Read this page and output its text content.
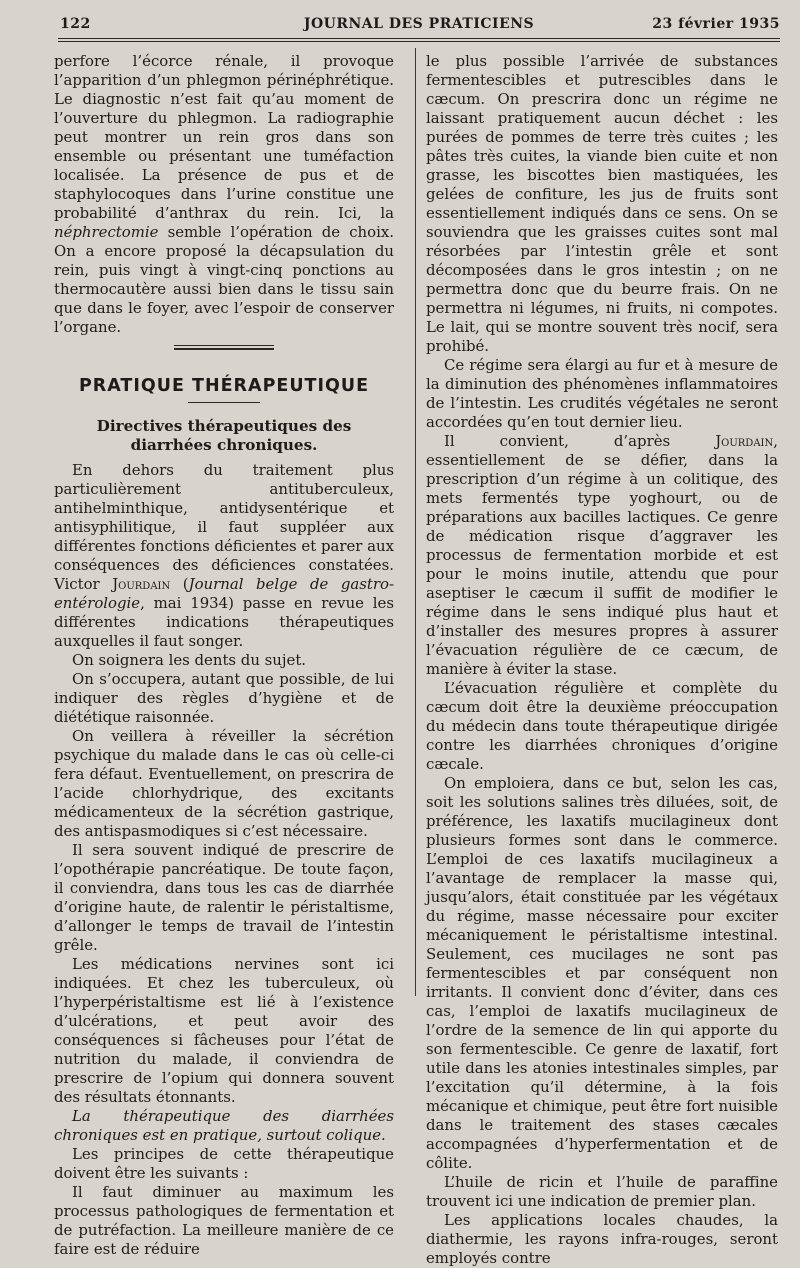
122	JOURNAL DES PRATICIENS	23 février 1935

perfore l’écorce rénale, il provoque l’apparition d’un phlegmon périnéphrétique. Le diagnostic n’est fait qu’au moment de l’ouverture du phlegmon. La radiographie peut montrer un rein gros dans son ensemble ou présentant une tuméfaction localisée. La présence de pus et de staphylocoques dans l’urine constitue une probabilité d’anthrax du rein. Ici, la néphrectomie semble l’opération de choix. On a encore proposé la décapsulation du rein, puis vingt à vingt-cinq ponctions au thermocautère aussi bien dans le tissu sain que dans le foyer, avec l’espoir de conserver l’organe.

PRATIQUE THÉRAPEUTIQUE
Directives thérapeutiques des diarrhées chroniques.

En dehors du traitement plus particulièrement antituberculeux, antihelminthique, antidysentérique et antisyphilitique, il faut suppléer aux différentes fonctions déficientes et parer aux conséquences des déficiences constatées. Victor Jourdain (Journal belge de gastro-entérologie, mai 1934) passe en revue les différentes indications thérapeutiques auxquelles il faut songer.

On soignera les dents du sujet.

On s’occupera, autant que possible, de lui indiquer des règles d’hygiène et de diététique raisonnée.

On veillera à réveiller la sécrétion psychique du malade dans le cas où celle-ci fera défaut. Eventuellement, on prescrira de l’acide chlorhydrique, des excitants médicamenteux de la sécrétion gastrique, des antispasmodiques si c’est nécessaire.

Il sera souvent indiqué de prescrire de l’opothérapie pancréatique. De toute façon, il conviendra, dans tous les cas de diarrhée d’origine haute, de ralentir le péristaltisme, d’allonger le temps de travail de l’intestin grêle.

Les médications nervines sont ici indiquées. Et chez les tuberculeux, où l’hyperpéristaltisme est lié à l’existence d’ulcérations, et peut avoir des conséquences si fâcheuses pour l’état de nutrition du malade, il conviendra de prescrire de l’opium qui donnera souvent des résultats étonnants.

La thérapeutique des diarrhées chroniques est en pratique, surtout colique.

Les principes de cette thérapeutique doivent être les suivants :

Il faut diminuer au maximum les processus pathologiques de fermentation et de putréfaction. La meilleure manière de ce faire est de réduire

le plus possible l’arrivée de substances fermentescibles et putrescibles dans le cæcum. On prescrira donc un régime ne laissant pratiquement aucun déchet : les purées de pommes de terre très cuites ; les pâtes très cuites, la viande bien cuite et non grasse, les biscottes bien mastiquées, les gelées de confiture, les jus de fruits sont essentiellement indiqués dans ce sens. On se souviendra que les graisses cuites sont mal résorbées par l’intestin grêle et sont décomposées dans le gros intestin ; on ne permettra donc que du beurre frais. On ne permettra ni légumes, ni fruits, ni compotes. Le lait, qui se montre souvent très nocif, sera prohibé.

Ce régime sera élargi au fur et à mesure de la diminution des phénomènes inflammatoires de l’intestin. Les crudités végétales ne seront accordées qu’en tout dernier lieu.

Il convient, d’après Jourdain, essentiellement de se défier, dans la prescription d’un régime à un colitique, des mets fermentés type yoghourt, ou de préparations aux bacilles lactiques. Ce genre de médication risque d’aggraver les processus de fermentation morbide et est pour le moins inutile, attendu que pour aseptiser le cæcum il suffit de modifier le régime dans le sens indiqué plus haut et d’installer des mesures propres à assurer l’évacuation régulière de ce cæcum, de manière à éviter la stase.

L’évacuation régulière et complète du cæcum doit être la deuxième préoccupation du médecin dans toute thérapeutique dirigée contre les diarrhées chroniques d’origine cæcale.

On emploiera, dans ce but, selon les cas, soit les solutions salines très diluées, soit, de préférence, les laxatifs mucilagineux dont plusieurs formes sont dans le commerce. L’emploi de ces laxatifs mucilagineux a l’avantage de remplacer la masse qui, jusqu’alors, était constituée par les végétaux du régime, masse nécessaire pour exciter mécaniquement le péristaltisme intestinal. Seulement, ces mucilages ne sont pas fermentescibles et par conséquent non irritants. Il convient donc d’éviter, dans ces cas, l’emploi de laxatifs mucilagineux de l’ordre de la semence de lin qui apporte du son fermentescible. Ce genre de laxatif, fort utile dans les atonies intestinales simples, par l’excitation qu’il détermine, à la fois mécanique et chimique, peut être fort nuisible dans le traitement des stases cæcales accompagnées d’hyperfermentation et de côlite.

L’huile de ricin et l’huile de paraffine trouvent ici une indication de premier plan.

Les applications locales chaudes, la diathermie, les rayons infra-rouges, seront employés contre
